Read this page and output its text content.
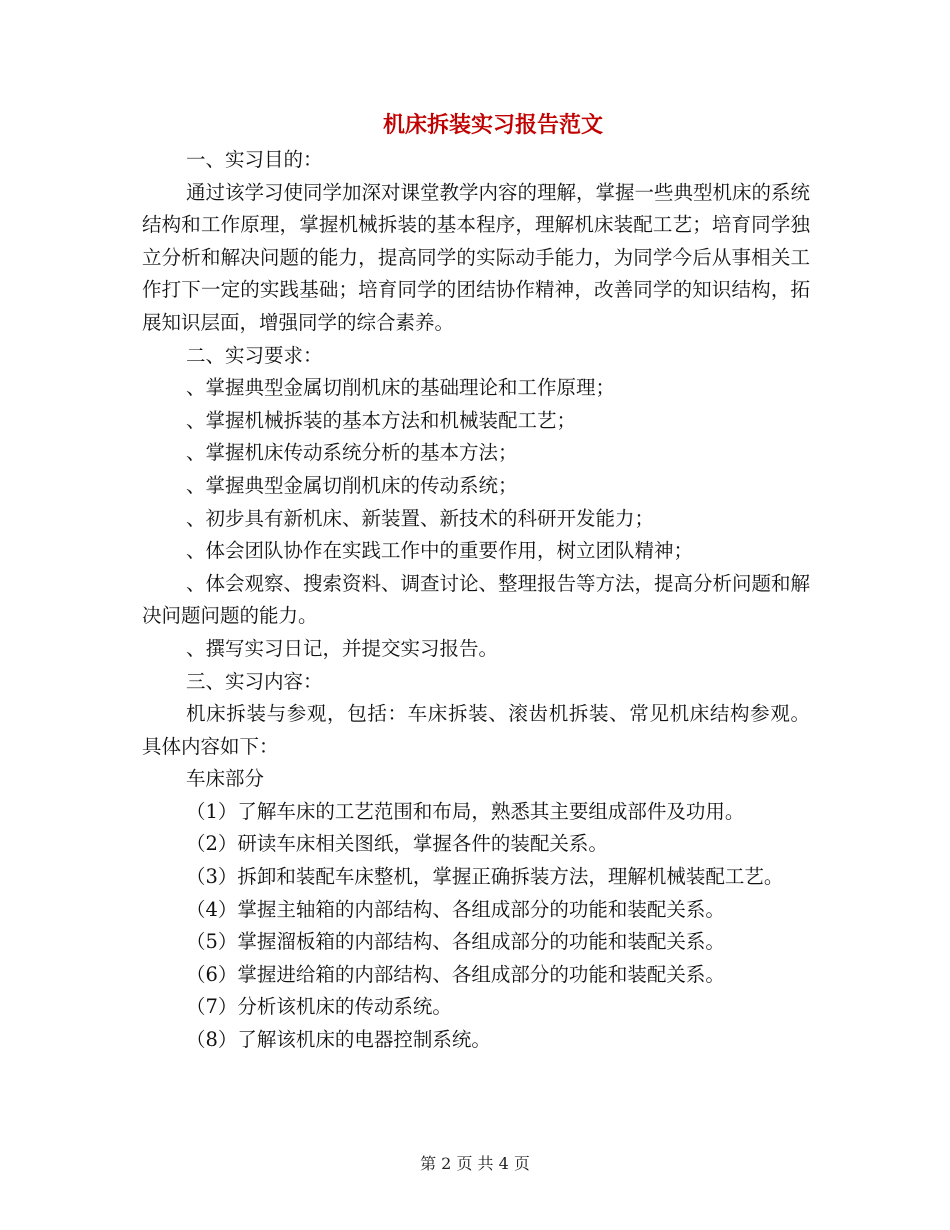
机床拆装实习报告范文

一、实习目的：

通过该学习使同学加深对课堂教学内容的理解，掌握一些典型机床的系统结构和工作原理，掌握机械拆装的基本程序，理解机床装配工艺；培育同学独立分析和解决问题的能力，提高同学的实际动手能力，为同学今后从事相关工作打下一定的实践基础；培育同学的团结协作精神，改善同学的知识结构，拓展知识层面，增强同学的综合素养。

二、实习要求：

、掌握典型金属切削机床的基础理论和工作原理；

、掌握机械拆装的基本方法和机械装配工艺；

、掌握机床传动系统分析的基本方法；

、掌握典型金属切削机床的传动系统；

、初步具有新机床、新装置、新技术的科研开发能力；

、体会团队协作在实践工作中的重要作用，树立团队精神；

、体会观察、搜索资料、调查讨论、整理报告等方法，提高分析问题和解决问题问题的能力。

、撰写实习日记，并提交实习报告。

三、实习内容：

机床拆装与参观，包括：车床拆装、滚齿机拆装、常见机床结构参观。 具体内容如下：

车床部分

（1）了解车床的工艺范围和布局，熟悉其主要组成部件及功用。

（2）研读车床相关图纸，掌握各件的装配关系。

（3）拆卸和装配车床整机，掌握正确拆装方法，理解机械装配工艺。

（4）掌握主轴箱的内部结构、各组成部分的功能和装配关系。

（5）掌握溜板箱的内部结构、各组成部分的功能和装配关系。

（6）掌握进给箱的内部结构、各组成部分的功能和装配关系。

（7）分析该机床的传动系统。

（8）了解该机床的电器控制系统。

第 2 页 共 4 页
